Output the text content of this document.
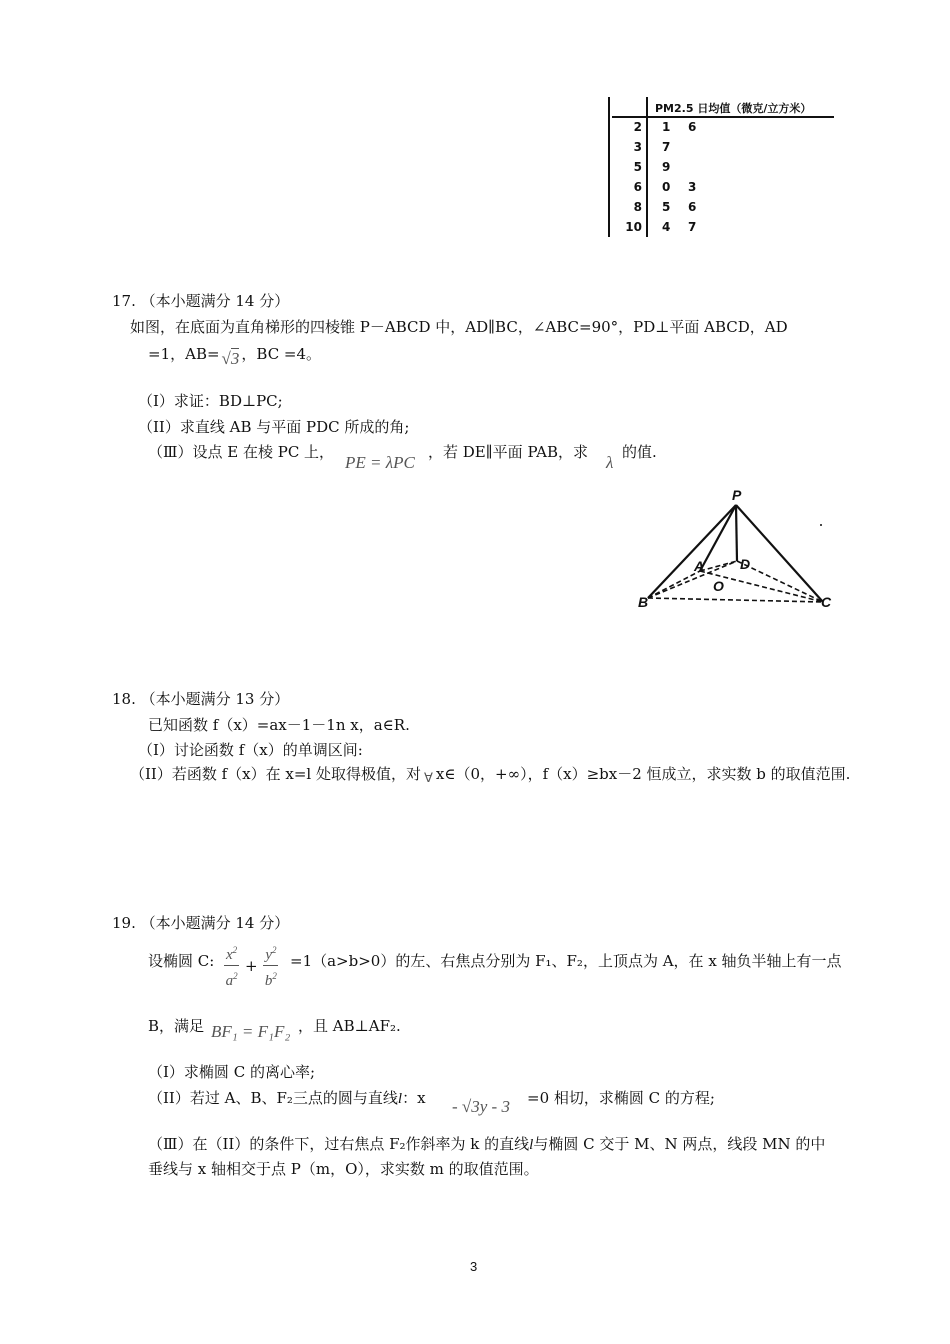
PM2.5 日均值（微克/立方米）
2 1 6
3 7
5 9
6 0 3
8 5 6
10 4 7
17. （本小题满分 14 分）
如图，在底面为直角梯形的四棱锥 P－ABCD 中，AD∥BC，∠ABC=90°，PD⊥平面 ABCD，AD
=1，AB= √3 ，BC =4。
（I）求证：BD⊥PC;
（II）求直线 AB 与平面 PDC 所成的角;
（Ⅲ）设点 E 在棱 PC 上，
PE = λPC
，若 DE∥平面 PAB，求
λ
的值.
P
A	D
O
B	C
18. （本小题满分 13 分）
已知函数 f（x）=ax－1－1n x，a∈R.
（I）讨论函数 f（x）的单调区间:
（II）若函数 f（x）在 x=l 处取得极值，对 ∀ x∈（0，+∞），f（x）≥bx－2 恒成立，求实数 b 的取值范围.
19. （本小题满分 14 分）
设椭圆 C: $\frac{x^2}{a^2} + \frac{y^2}{b^2} =1(a>b>0)$的左、右焦点分别为 F₁、F₂，上顶点为 A，在 x 轴负半轴上有一点
B，满足 BF₁ = F₁F₂ ，且 AB⊥AF₂.
（I）求椭圆 C 的离心率;
（II）若过 A、B、F₂三点的圆与直线l：x - √3y - 3 =0 相切，求椭圆 C 的方程;
（Ⅲ）在（II）的条件下，过右焦点 F₂作斜率为 k 的直线l与椭圆 C 交于 M、N 两点，线段 MN 的中
垂线与 x 轴相交于点 P（m，O），求实数 m 的取值范围。
3
